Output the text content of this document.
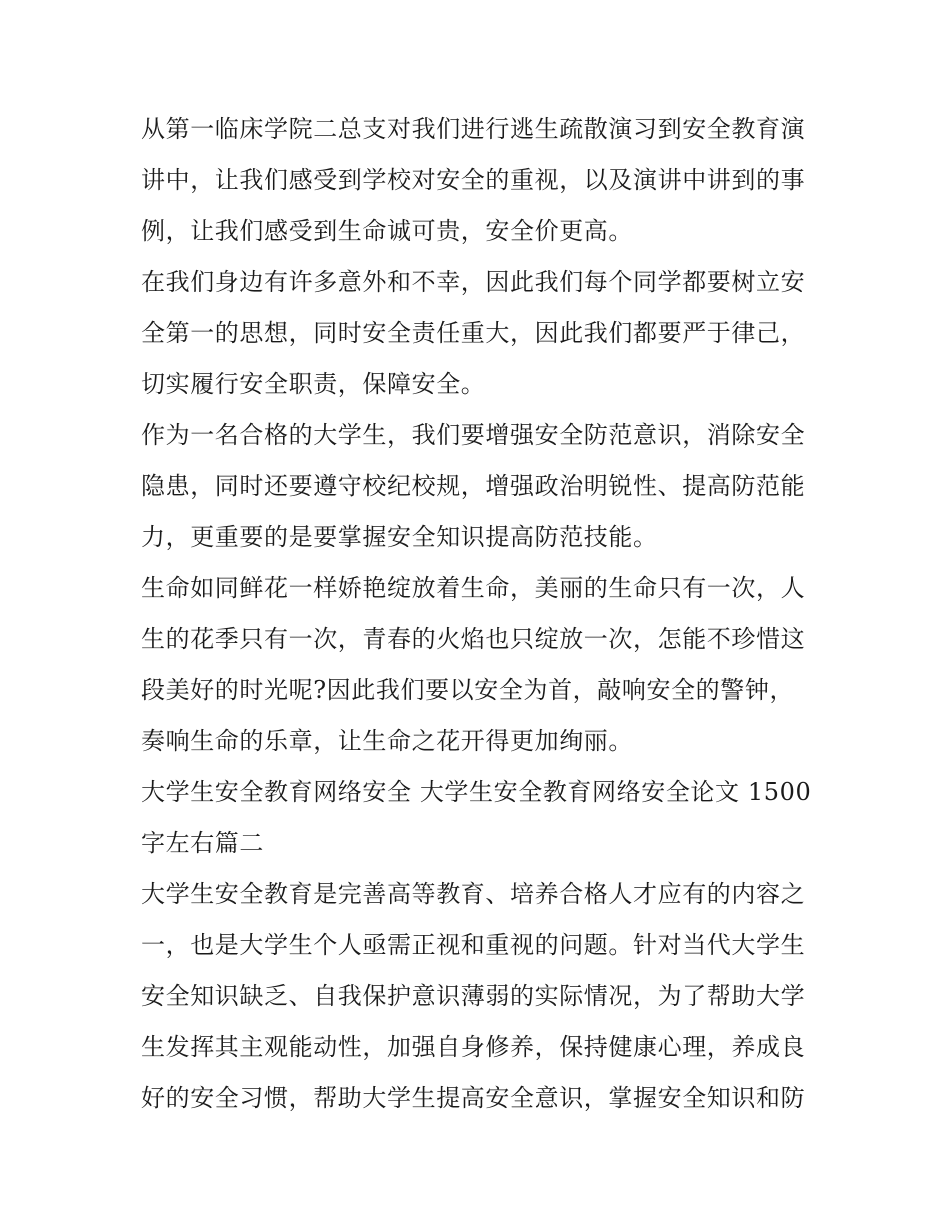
从第一临床学院二总支对我们进行逃生疏散演习到安全教育演
讲中，让我们感受到学校对安全的重视，以及演讲中讲到的事
例，让我们感受到生命诚可贵，安全价更高。
在我们身边有许多意外和不幸，因此我们每个同学都要树立安
全第一的思想，同时安全责任重大，因此我们都要严于律己，
切实履行安全职责，保障安全。
作为一名合格的大学生，我们要增强安全防范意识，消除安全
隐患，同时还要遵守校纪校规，增强政治明锐性、提高防范能
力，更重要的是要掌握安全知识提高防范技能。
生命如同鲜花一样娇艳绽放着生命，美丽的生命只有一次，人
生的花季只有一次，青春的火焰也只绽放一次，怎能不珍惜这
段美好的时光呢?因此我们要以安全为首，敲响安全的警钟，
奏响生命的乐章，让生命之花开得更加绚丽。
大学生安全教育网络安全 大学生安全教育网络安全论文 1500
字左右篇二
大学生安全教育是完善高等教育、培养合格人才应有的内容之
一，也是大学生个人亟需正视和重视的问题。针对当代大学生
安全知识缺乏、自我保护意识薄弱的实际情况，为了帮助大学
生发挥其主观能动性，加强自身修养，保持健康心理，养成良
好的安全习惯，帮助大学生提高安全意识，掌握安全知识和防
